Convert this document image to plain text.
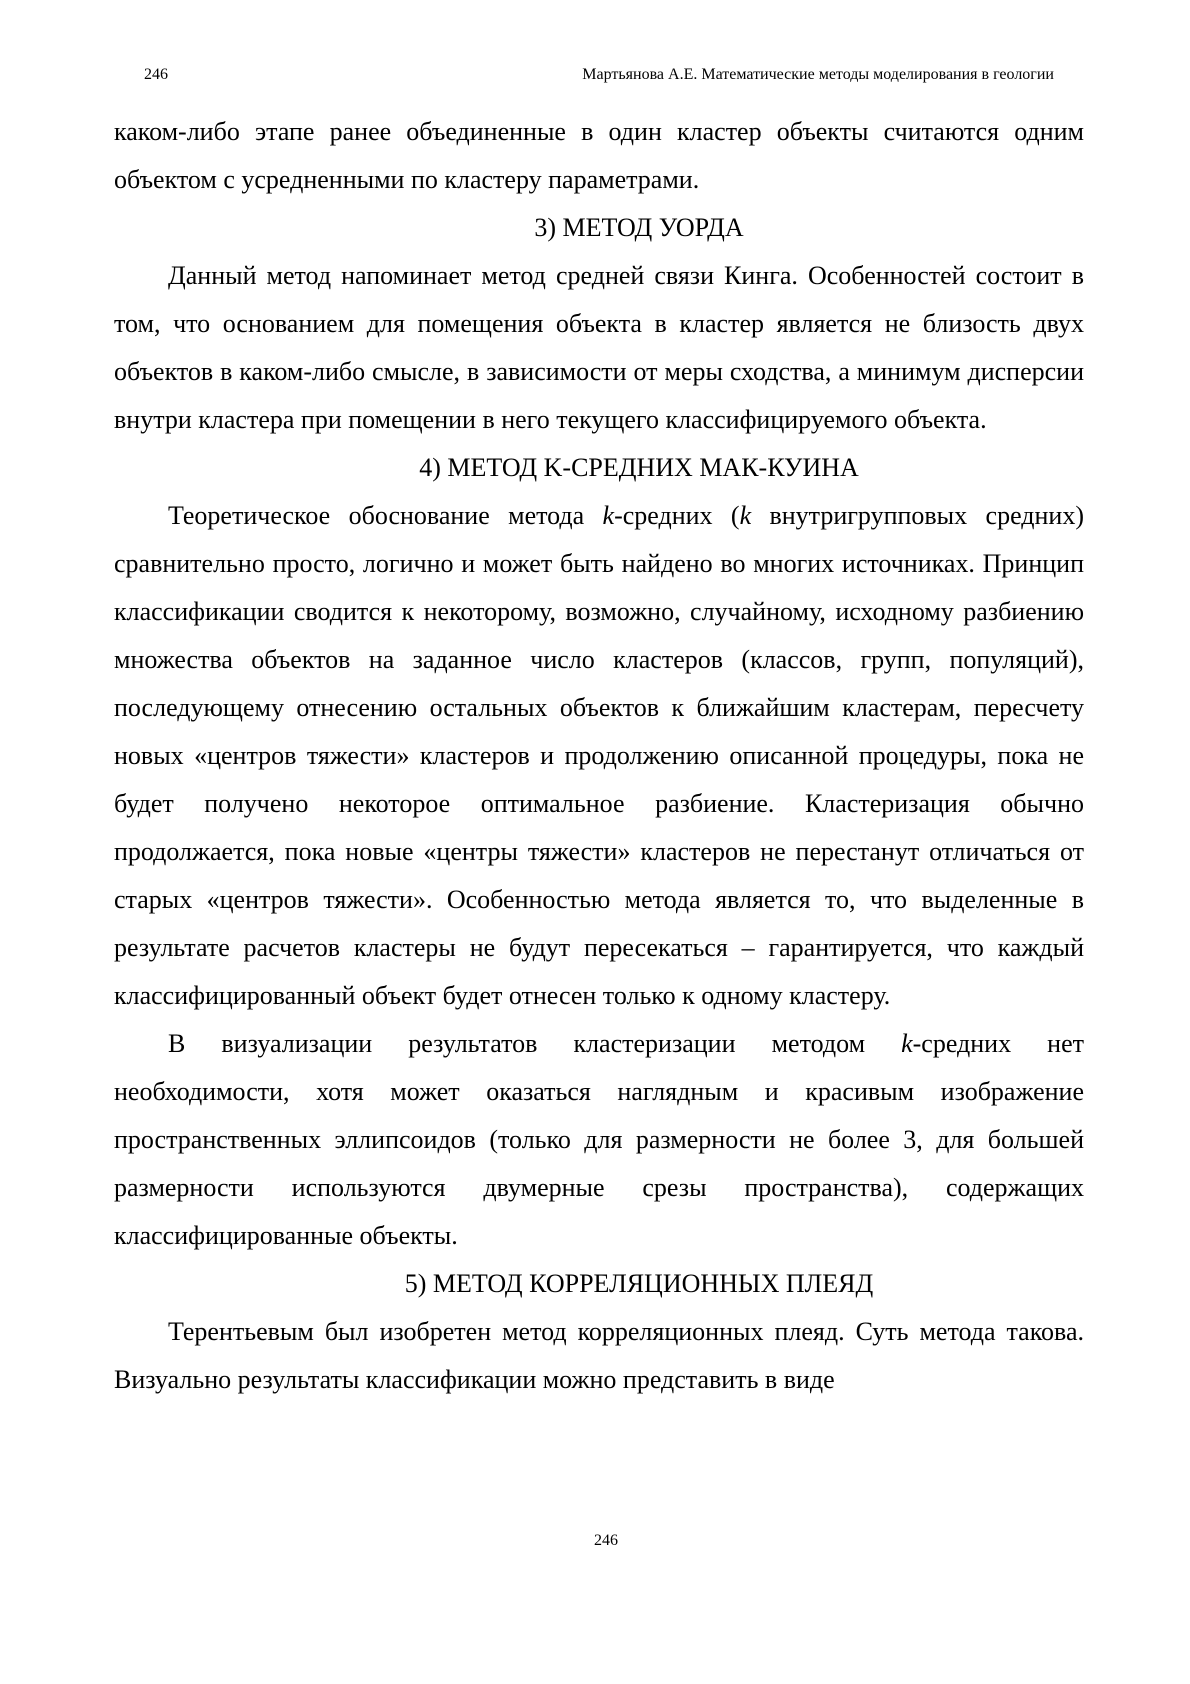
246	Мартьянова А.Е. Математические методы моделирования в геологии

каком-либо этапе ранее объединенные в один кластер объекты считаются одним объектом с усредненными по кластеру параметрами.

3) МЕТОД УОРДА

Данный метод напоминает метод средней связи Кинга. Особенностей состоит в том, что основанием для помещения объекта в кластер является не близость двух объектов в каком-либо смысле, в зависимости от меры сходства, а минимум дисперсии внутри кластера при помещении в него текущего классифицируемого объекта.

4) МЕТОД K-СРЕДНИХ МАК-КУИНА

Теоретическое обоснование метода k-средних (k внутригрупповых средних) сравнительно просто, логично и может быть найдено во многих источниках. Принцип классификации сводится к некоторому, возможно, случайному, исходному разбиению множества объектов на заданное число кластеров (классов, групп, популяций), последующему отнесению остальных объектов к ближайшим кластерам, пересчету новых «центров тяжести» кластеров и продолжению описанной процедуры, пока не будет получено некоторое оптимальное разбиение. Кластеризация обычно продолжается, пока новые «центры тяжести» кластеров не перестанут отличаться от старых «центров тяжести». Особенностью метода является то, что выделенные в результате расчетов кластеры не будут пересекаться – гарантируется, что каждый классифицированный объект будет отнесен только к одному кластеру.

В визуализации результатов кластеризации методом k-средних нет необходимости, хотя может оказаться наглядным и красивым изображение пространственных эллипсоидов (только для размерности не более 3, для большей размерности используются двумерные срезы пространства), содержащих классифицированные объекты.

5) МЕТОД КОРРЕЛЯЦИОННЫХ ПЛЕЯД

Терентьевым был изобретен метод корреляционных плеяд. Суть метода такова. Визуально результаты классификации можно представить в виде

246
